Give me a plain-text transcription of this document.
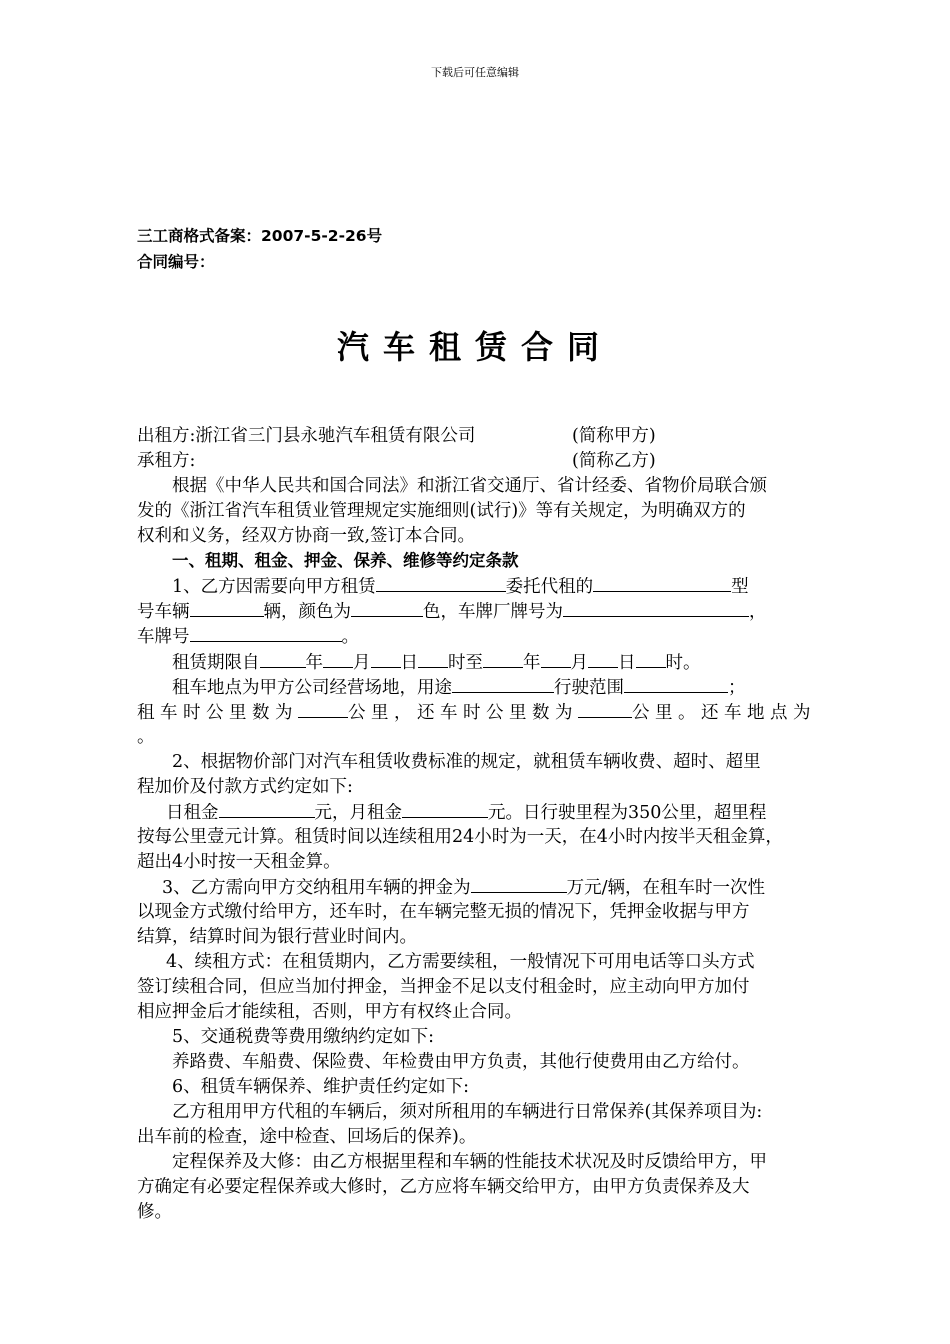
下载后可任意编辑
三工商格式备案：2007-5-2-26号
合同编号：
汽车租赁合同
出租方:浙江省三门县永驰汽车租赁有限公司	(简称甲方)
承租方:	(简称乙方)
根据《中华人民共和国合同法》和浙江省交通厅、省计经委、省物价局联合颁
发的《浙江省汽车租赁业管理规定实施细则(试行)》等有关规定，为明确双方的
权利和义务，经双方协商一致,签订本合同。
一、租期、租金、押金、保养、维修等约定条款
1、乙方因需要向甲方租赁	委托代租的	型
号车辆	辆，颜色为	色，车牌厂牌号为	，
车牌号	。
租赁期限自	年 月 日 时至 年 月 日 时。
租车地点为甲方公司经营场地，用途	行驶范围	；
租车时公里数为	公里，还车时公里数为	公里。还车地点为
。
2、根据物价部门对汽车租赁收费标准的规定，就租赁车辆收费、超时、超里
程加价及付款方式约定如下:
日租金	元，月租金	元。日行驶里程为350公里，超里程
按每公里壹元计算。租赁时间以连续租用24小时为一天，在4小时内按半天租金算，
超出4小时按一天租金算。
3、乙方需向甲方交纳租用车辆的押金为	万元/辆，在租车时一次性
以现金方式缴付给甲方，还车时，在车辆完整无损的情况下，凭押金收据与甲方
结算，结算时间为银行营业时间内。
4、续租方式：在租赁期内，乙方需要续租，一般情况下可用电话等口头方式
签订续租合同，但应当加付押金，当押金不足以支付租金时，应主动向甲方加付
相应押金后才能续租，否则，甲方有权终止合同。
5、交通税费等费用缴纳约定如下:
养路费、车船费、保险费、年检费由甲方负责，其他行使费用由乙方给付。
6、租赁车辆保养、维护责任约定如下:
乙方租用甲方代租的车辆后，须对所租用的车辆进行日常保养(其保养项目为:
出车前的检查，途中检查、回场后的保养)。
定程保养及大修：由乙方根据里程和车辆的性能技术状况及时反馈给甲方，甲
方确定有必要定程保养或大修时，乙方应将车辆交给甲方，由甲方负责保养及大
修。
